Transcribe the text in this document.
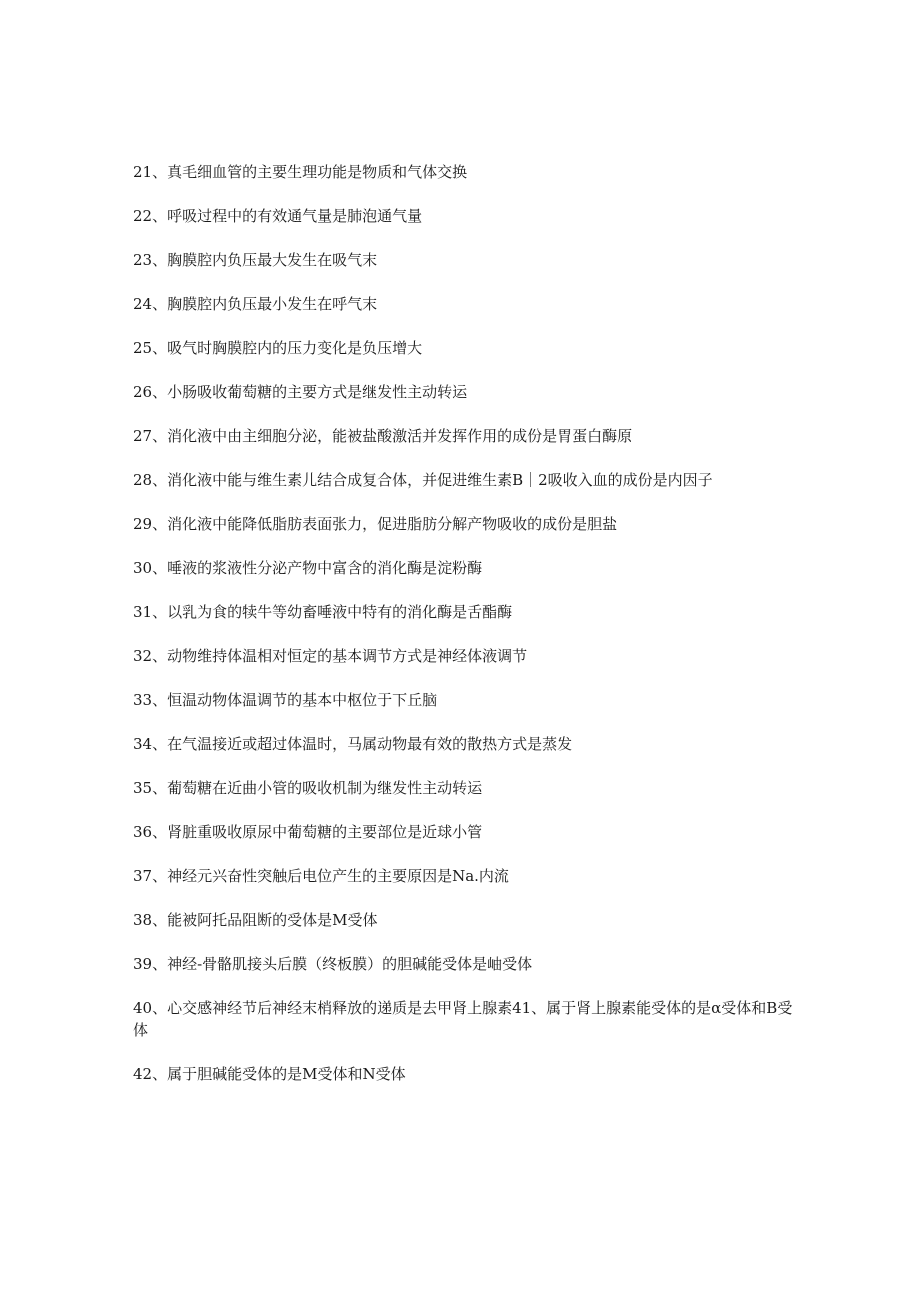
21、真毛细血管的主要生理功能是物质和气体交换

22、呼吸过程中的有效通气量是肺泡通气量

23、胸膜腔内负压最大发生在吸气末

24、胸膜腔内负压最小发生在呼气末

25、吸气时胸膜腔内的压力变化是负压增大

26、小肠吸收葡萄糖的主要方式是继发性主动转运

27、消化液中由主细胞分泌，能被盐酸激活并发挥作用的成份是胃蛋白酶原

28、消化液中能与维生素儿结合成复合体，并促进维生素B｜2吸收入血的成份是内因子

29、消化液中能降低脂肪表面张力，促进脂肪分解产物吸收的成份是胆盐

30、唾液的浆液性分泌产物中富含的消化酶是淀粉酶

31、以乳为食的犊牛等幼畜唾液中特有的消化酶是舌酯酶

32、动物维持体温相对恒定的基本调节方式是神经体液调节

33、恒温动物体温调节的基本中枢位于下丘脑

34、在气温接近或超过体温时，马属动物最有效的散热方式是蒸发

35、葡萄糖在近曲小管的吸收机制为继发性主动转运

36、肾脏重吸收原尿中葡萄糖的主要部位是近球小管

37、神经元兴奋性突触后电位产生的主要原因是Na.内流

38、能被阿托品阻断的受体是M受体

39、神经-骨骼肌接头后膜（终板膜）的胆碱能受体是岫受体

40、心交感神经节后神经末梢释放的递质是去甲肾上腺素41、属于肾上腺素能受体的是α受体和B受体

42、属于胆碱能受体的是M受体和N受体
